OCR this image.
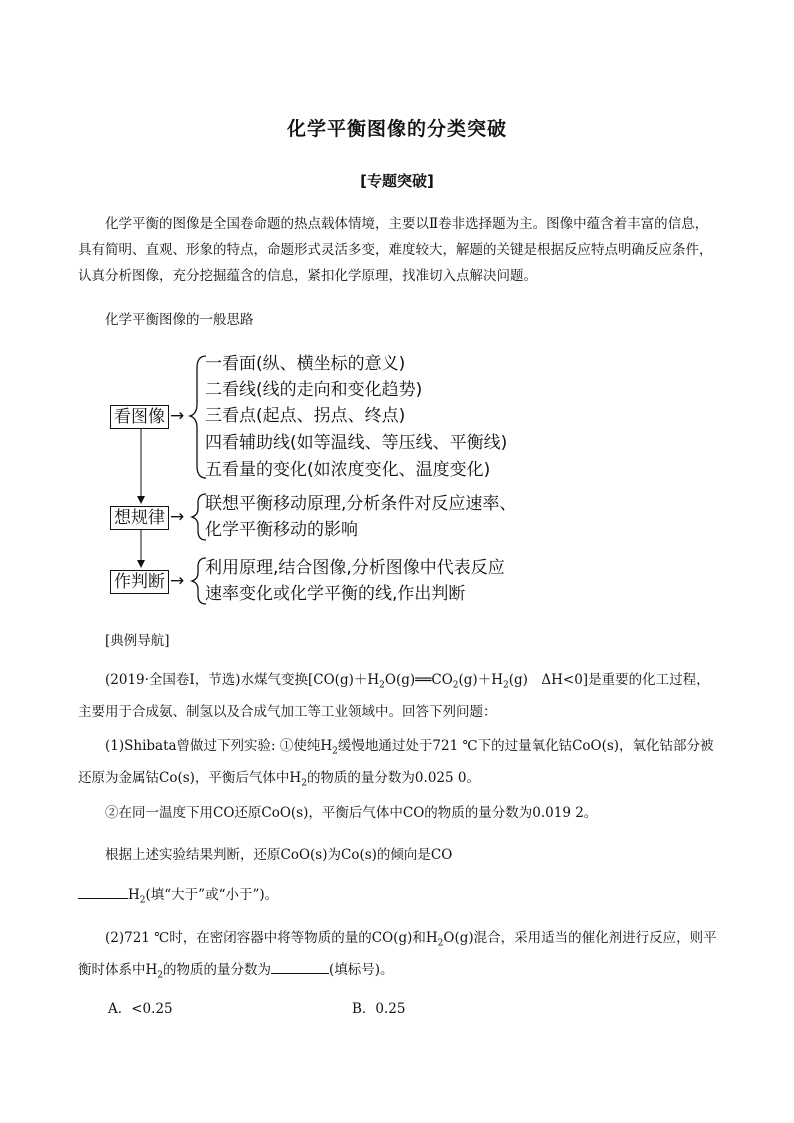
化学平衡图像的分类突破
[专题突破]
化学平衡的图像是全国卷命题的热点载体情境，主要以Ⅱ卷非选择题为主。图像中蕴含着丰富的信息，具有简明、直观、形象的特点，命题形式灵活多变，难度较大，解题的关键是根据反应特点明确反应条件，认真分析图像，充分挖掘蕴含的信息，紧扣化学原理，找准切入点解决问题。
化学平衡图像的一般思路
看图像 →
一看面(纵、横坐标的意义)
二看线(线的走向和变化趋势)
三看点(起点、拐点、终点)
四看辅助线(如等温线、等压线、平衡线)
五看量的变化(如浓度变化、温度变化)
想规律 →
联想平衡移动原理,分析条件对反应速率、
化学平衡移动的影响
作判断 →
利用原理,结合图像,分析图像中代表反应
速率变化或化学平衡的线,作出判断
[典例导航]
(2019·全国卷Ⅰ，节选)水煤气变换[$CO(g)+H_2O(g)══CO_2(g)+H_2(g)$　ΔH<0]是重要的化工过程，主要用于合成氨、制氢以及合成气加工等工业领域中。回答下列问题：
(1)Shibata曾做过下列实验: ①使纯$H_2$缓慢地通过处于721 ℃下的过量氧化钴CoO(s)，氧化钴部分被还原为金属钴Co(s)，平衡后气体中$H_2$的物质的量分数为0.025 0。
②在同一温度下用CO还原CoO(s)，平衡后气体中CO的物质的量分数为0.019 2。
根据上述实验结果判断，还原CoO(s)为Co(s)的倾向是CO
$H_2$(填“大于”或“小于”)。
(2)721 ℃时，在密闭容器中将等物质的量的CO(g)和$H_2O(g)$混合，采用适当的催化剂进行反应，则平衡时体系中$H_2$的物质的量分数为	(填标号)。
A．<0.25	B．0.25
